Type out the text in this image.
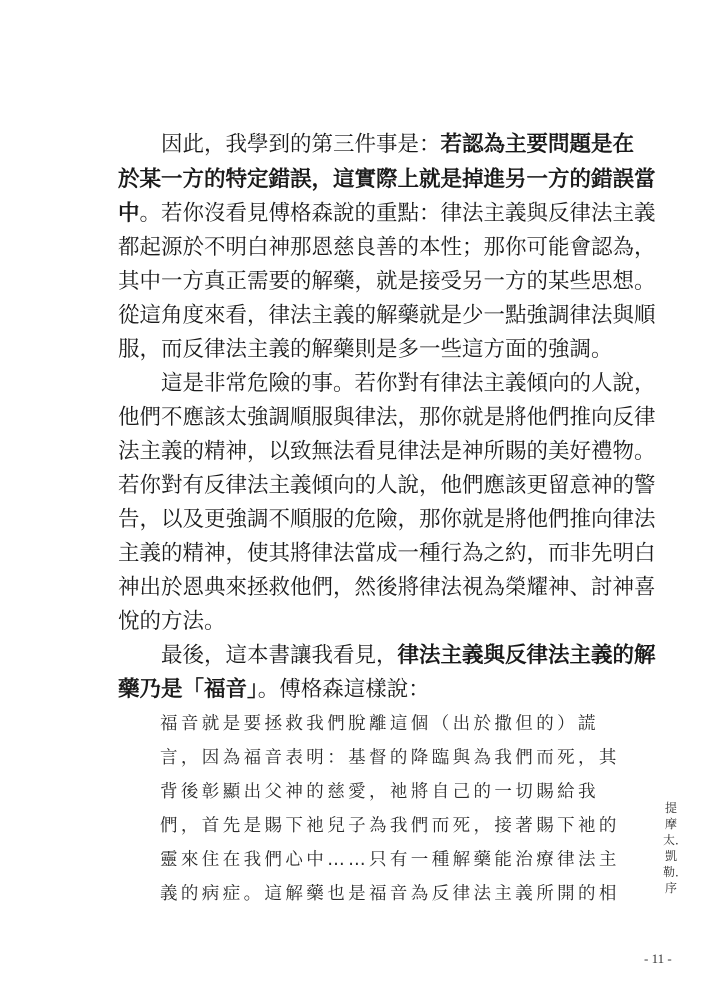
因此，我學到的第三件事是：若認為主要問題是在
於某一方的特定錯誤，這實際上就是掉進另一方的錯誤當
中。若你沒看見傅格森說的重點：律法主義與反律法主義
都起源於不明白神那恩慈良善的本性；那你可能會認為，
其中一方真正需要的解藥，就是接受另一方的某些思想。
從這角度來看，律法主義的解藥就是少一點強調律法與順
服，而反律法主義的解藥則是多一些這方面的強調。
這是非常危險的事。若你對有律法主義傾向的人說，
他們不應該太強調順服與律法，那你就是將他們推向反律
法主義的精神，以致無法看見律法是神所賜的美好禮物。
若你對有反律法主義傾向的人說，他們應該更留意神的警
告，以及更強調不順服的危險，那你就是將他們推向律法
主義的精神，使其將律法當成一種行為之約，而非先明白
神出於恩典來拯救他們，然後將律法視為榮耀神、討神喜
悅的方法。
最後，這本書讓我看見，律法主義與反律法主義的解
藥乃是「福音」。傅格森這樣說：
福音就是要拯救我們脫離這個（出於撒但的）謊
言，因為福音表明：基督的降臨與為我們而死，其
背後彰顯出父神的慈愛，祂將自己的一切賜給我
們，首先是賜下祂兒子為我們而死，接著賜下祂的
靈來住在我們心中……只有一種解藥能治療律法主
義的病症。這解藥也是福音為反律法主義所開的相
提摩太．凱勒．序
- 11 -
